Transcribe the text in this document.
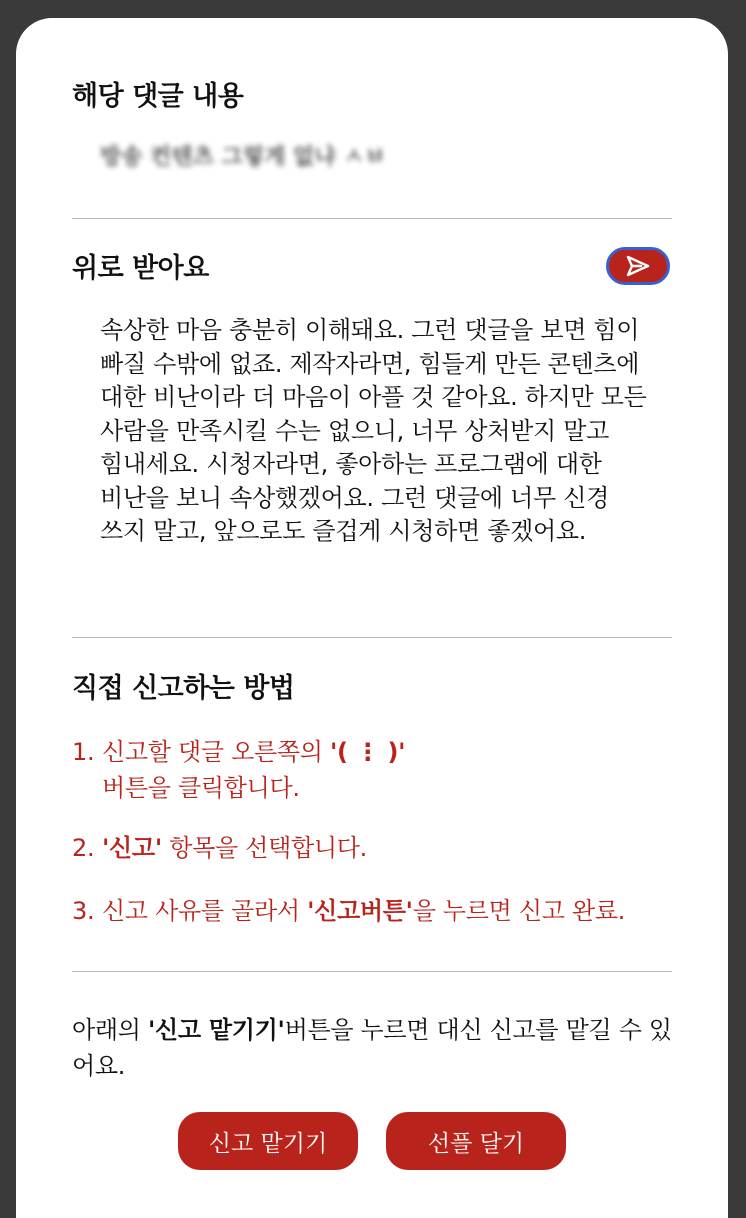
해당 댓글 내용
방송 컨텐츠 그렇게 없냐 ㅅㅂ
위로 받아요
속상한 마음 충분히 이해돼요. 그런 댓글을 보면 힘이 빠질 수밖에 없죠. 제작자라면, 힘들게 만든 콘텐츠에 대한 비난이라 더 마음이 아플 것 같아요. 하지만 모든 사람을 만족시킬 수는 없으니, 너무 상처받지 말고 힘내세요. 시청자라면, 좋아하는 프로그램에 대한 비난을 보니 속상했겠어요. 그런 댓글에 너무 신경 쓰지 말고, 앞으로도 즐겁게 시청하면 좋겠어요.
직접 신고하는 방법
1. 신고할 댓글 오른쪽의 '( ⋮ )'
버튼을 클릭합니다.
2. '신고' 항목을 선택합니다.
3. 신고 사유를 골라서 '신고버튼'을 누르면 신고 완료.
아래의 '신고 맡기기'버튼을 누르면 대신 신고를 맡길 수 있어요.
신고 맡기기	선플 달기
